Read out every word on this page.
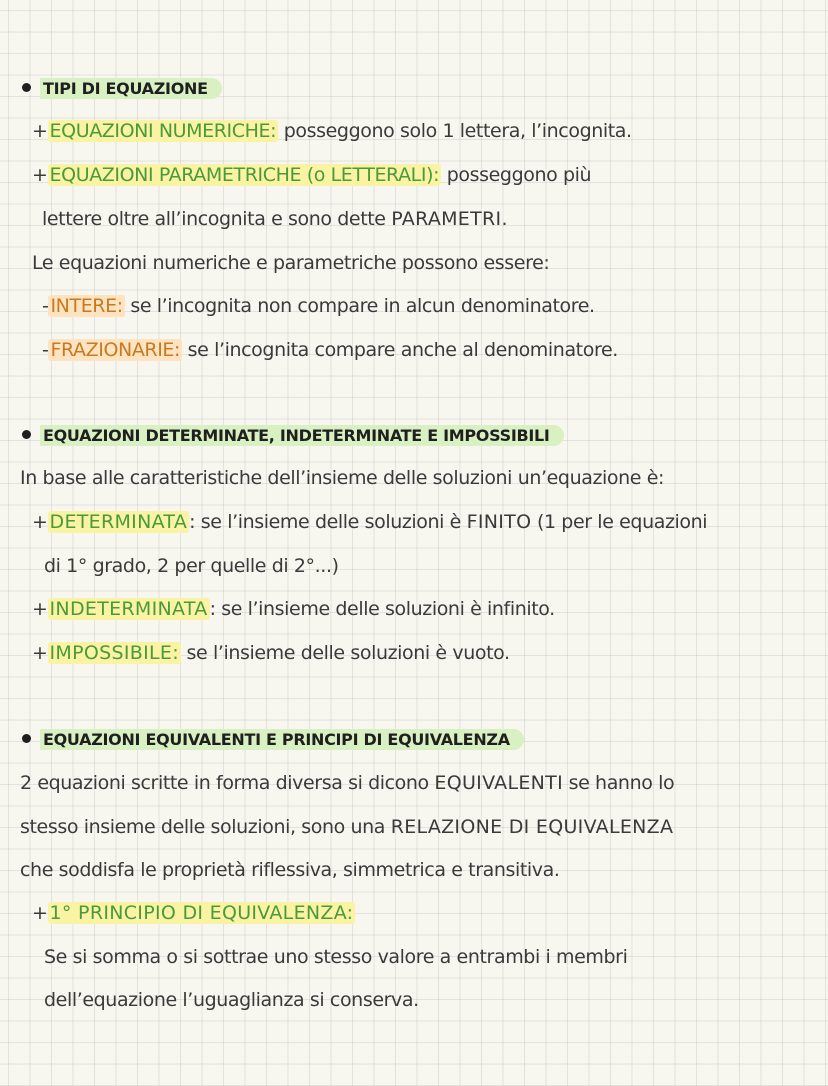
TIPI DI EQUAZIONE
+ EQUAZIONI NUMERICHE: posseggono solo 1 lettera, l’incognita.
+ EQUAZIONI PARAMETRICHE (o LETTERALI): posseggono più
lettere oltre all’incognita e sono dette PARAMETRI.
Le equazioni numeriche e parametriche possono essere:
- INTERE: se l’incognita non compare in alcun denominatore.
- FRAZIONARIE: se l’incognita compare anche al denominatore.
EQUAZIONI DETERMINATE, INDETERMINATE E IMPOSSIBILI
In base alle caratteristiche dell’insieme delle soluzioni un’equazione è:
+ DETERMINATA : se l’insieme delle soluzioni è FINITO (1 per le equazioni
di 1° grado, 2 per quelle di 2°...)
+ INDETERMINATA : se l’insieme delle soluzioni è infinito.
+ IMPOSSIBILE: se l’insieme delle soluzioni è vuoto.
EQUAZIONI EQUIVALENTI E PRINCIPI DI EQUIVALENZA
2 equazioni scritte in forma diversa si dicono EQUIVALENTI se hanno lo
stesso insieme delle soluzioni, sono una RELAZIONE DI EQUIVALENZA
che soddisfa le proprietà riflessiva, simmetrica e transitiva.
+ 1° PRINCIPIO DI EQUIVALENZA:
Se si somma o si sottrae uno stesso valore a entrambi i membri
dell’equazione l’uguaglianza si conserva.
